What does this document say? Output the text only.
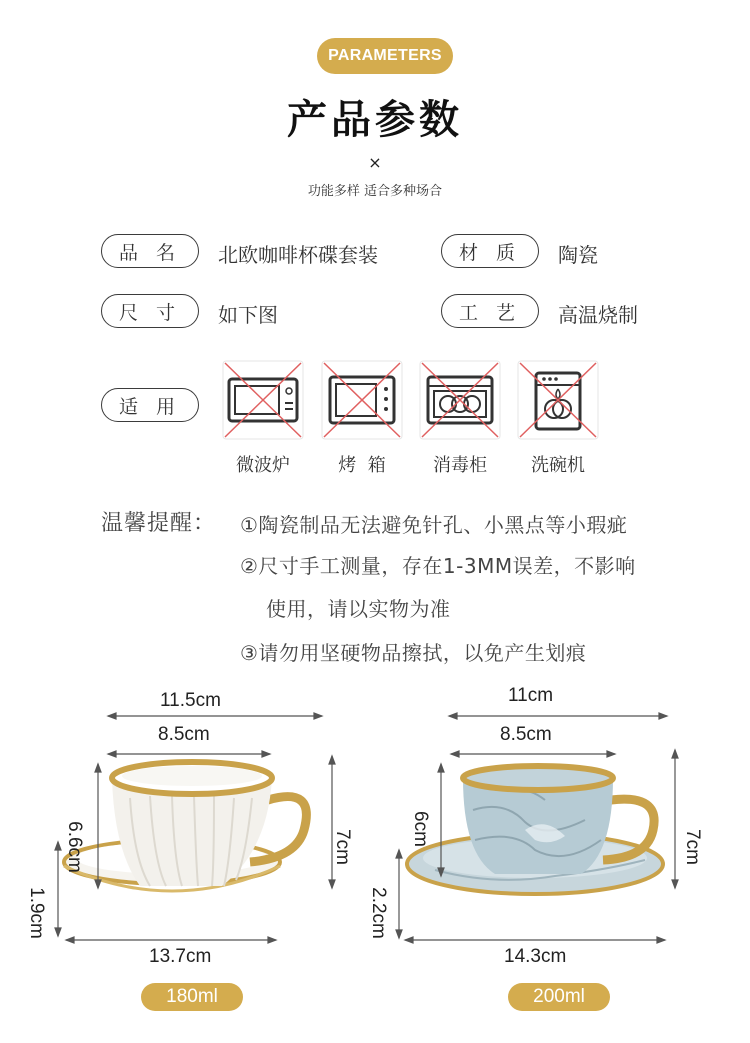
PARAMETERS
产品参数
×
功能多样 适合多种场合
品 名	北欧咖啡杯碟套装	材 质	陶瓷
尺 寸	如下图	工 艺	高温烧制
适 用
微波炉	烤  箱	消毒柜	洗碗机
温馨提醒： ①陶瓷制品无法避免针孔、小黑点等小瑕疵
②尺寸手工测量，存在1-3MM误差，不影响
使用，请以实物为准
③请勿用坚硬物品擦拭，以免产生划痕
11.5cm
8.5cm
6.6cm	7cm
1.9cm
13.7cm
180ml
11cm
8.5cm
6cm
7cm
2.2cm
14.3cm
200ml
